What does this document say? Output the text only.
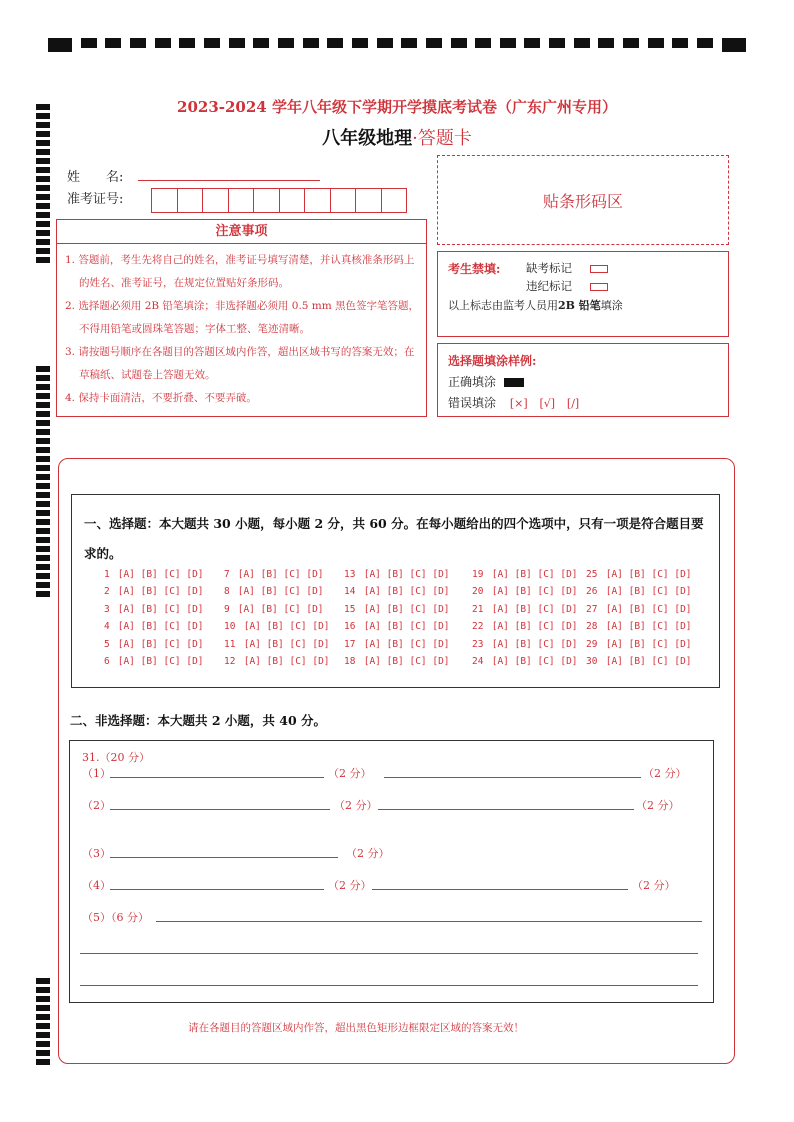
2023-2024 学年八年级下学期开学摸底考试卷（广东广州专用）
八年级地理·答题卡
姓　　名:
准考证号:	贴条形码区
注意事项

1. 答题前，考生先将自己的姓名，准考证号填写清楚，并认真核准条形码上的姓名、准考证号，在规定位置贴好条形码。

2. 选择题必须用 2B 铅笔填涂；非选择题必须用 0.5 mm 黑色签字笔答题，不得用铅笔或圆珠笔答题；字体工整、笔迹清晰。

3. 请按题号顺序在各题目的答题区域内作答，超出区域书写的答案无效；在草稿纸、试题卷上答题无效。

4. 保持卡面清洁，不要折叠、不要弄破。

考生禁填: 缺考标记
违纪标记
以上标志由监考人员用2B 铅笔填涂
选择题填涂样例:
正确填涂
错误填涂 [×] [√] [/]
一、选择题：本大题共 30 小题，每小题 2 分，共 60 分。在每小题给出的四个选项中，只有一项是符合题目要求的。
1 [A] [B] [C] [D]
2 [A] [B] [C] [D]
3 [A] [B] [C] [D]
4 [A] [B] [C] [D]
5 [A] [B] [C] [D]
6 [A] [B] [C] [D]
7 [A] [B] [C] [D]
8 [A] [B] [C] [D]
9 [A] [B] [C] [D]
10 [A] [B] [C] [D]
11 [A] [B] [C] [D]
12 [A] [B] [C] [D]
13 [A] [B] [C] [D]
14 [A] [B] [C] [D]
15 [A] [B] [C] [D]
16 [A] [B] [C] [D]
17 [A] [B] [C] [D]
18 [A] [B] [C] [D]
19 [A] [B] [C] [D]
20 [A] [B] [C] [D]
21 [A] [B] [C] [D]
22 [A] [B] [C] [D]
23 [A] [B] [C] [D]
24 [A] [B] [C] [D]
25 [A] [B] [C] [D]
26 [A] [B] [C] [D]
27 [A] [B] [C] [D]
28 [A] [B] [C] [D]
29 [A] [B] [C] [D]
30 [A] [B] [C] [D]
二、非选择题：本大题共 2 小题，共 40 分。
31.（20 分）
（1）	（2 分）	（2 分）
（2）	（2 分）	（2 分）
（3）	（2 分）
（4）	（2 分）	（2 分）
（5）（6 分）
请在各题目的答题区域内作答，超出黑色矩形边框限定区域的答案无效！
